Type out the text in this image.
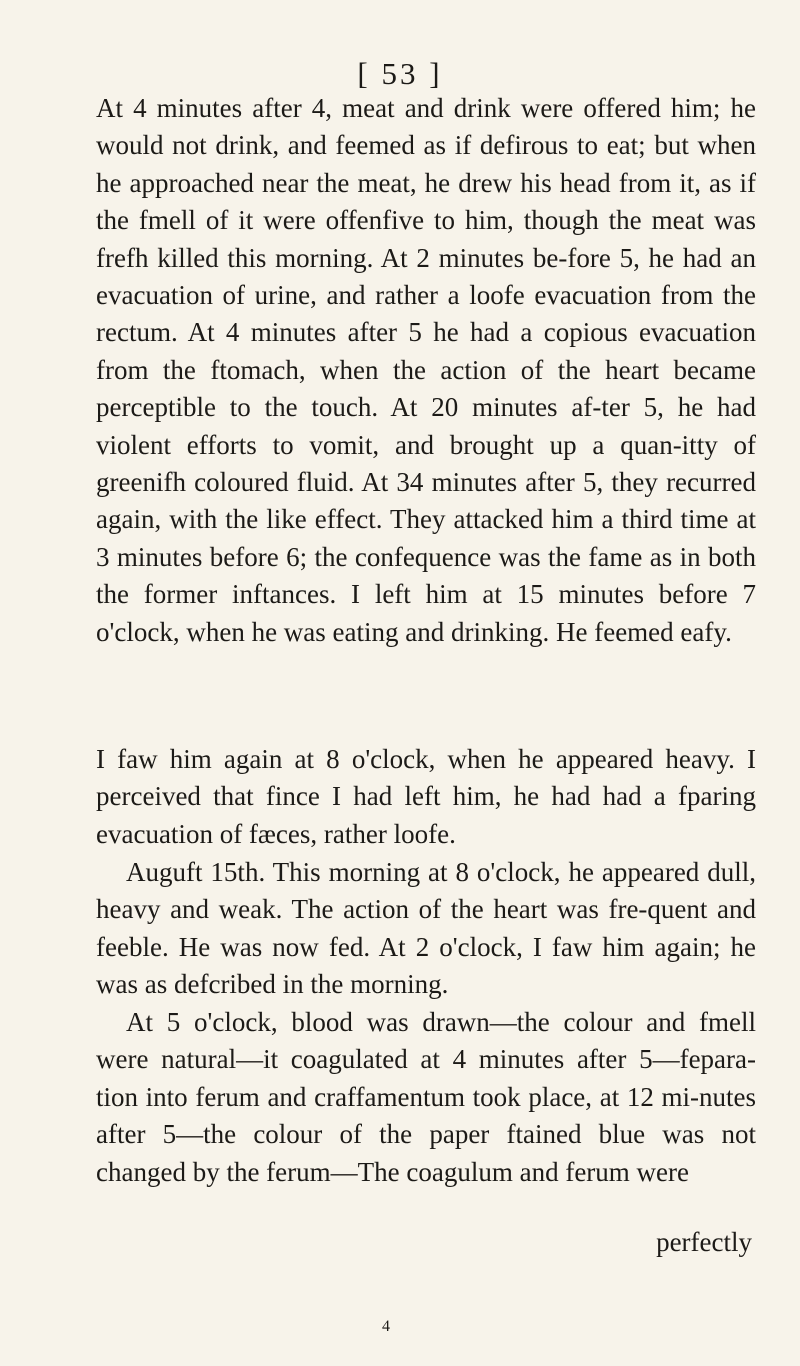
[ 53 ]

At 4 minutes after 4, meat and drink were offered him; he would not drink, and feemed as if defirous to eat; but when he approached near the meat, he drew his head from it, as if the fmell of it were offenfive to him, though the meat was frefh killed this morning. At 2 minutes be-fore 5, he had an evacuation of urine, and rather a loofe evacuation from the rectum. At 4 minutes after 5 he had a copious evacuation from the ftomach, when the action of the heart became perceptible to the touch. At 20 minutes af-ter 5, he had violent efforts to vomit, and brought up a quan-itty of greenifh coloured fluid. At 34 minutes after 5, they recurred again, with the like effect. They attacked him a third time at 3 minutes before 6; the confequence was the fame as in both the former inftances. I left him at 15 minutes before 7 o'clock, when he was eating and drinking. He feemed eafy.

I faw him again at 8 o'clock, when he appeared heavy. I perceived that fince I had left him, he had had a fparing evacuation of fæces, rather loofe.

Auguft 15th. This morning at 8 o'clock, he appeared dull, heavy and weak. The action of the heart was fre-quent and feeble. He was now fed. At 2 o'clock, I faw him again; he was as defcribed in the morning.

At 5 o'clock, blood was drawn—the colour and fmell were natural—it coagulated at 4 minutes after 5—fepara-tion into ferum and craffamentum took place, at 12 mi-nutes after 5—the colour of the paper ftained blue was not changed by the ferum—The coagulum and ferum were

perfectly
4
